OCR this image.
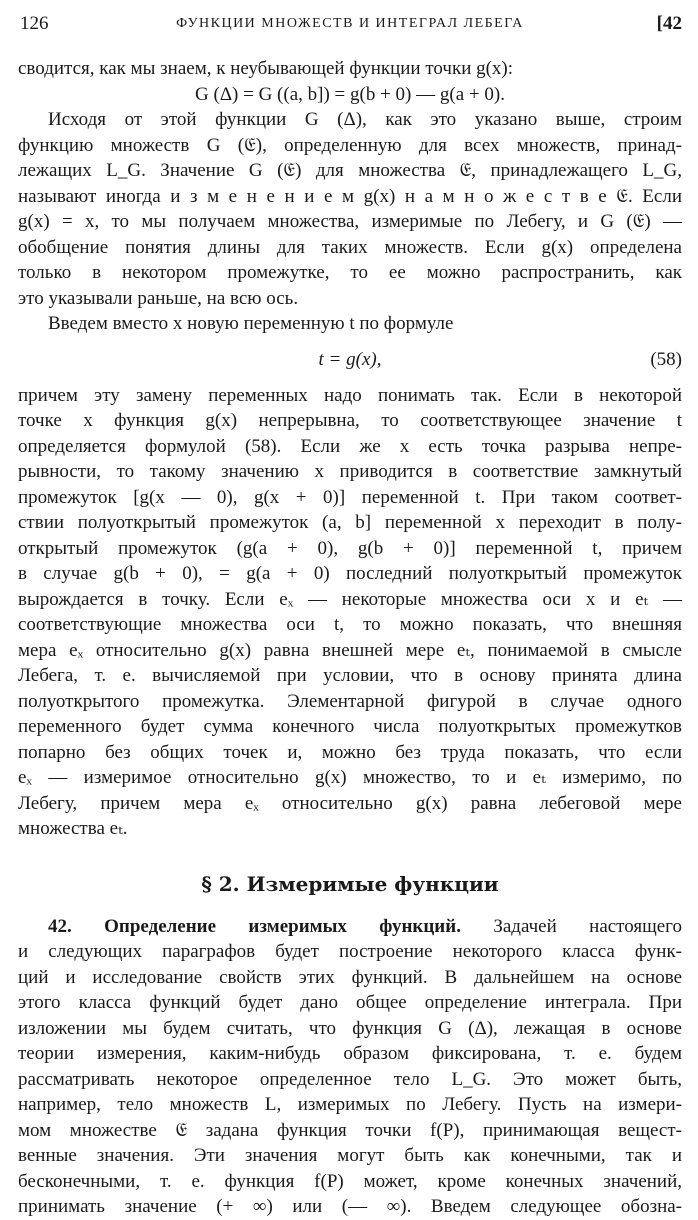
126	ФУНКЦИИ МНОЖЕСТВ И ИНТЕГРАЛ ЛЕБЕГА	[42

сводится, как мы знаем, к неубывающей функции точки g(x):

G (Δ) = G ((a, b]) = g(b + 0) — g(a + 0).

Исходя от этой функции G (Δ), как это указано выше, строим

функцию множеств G (𝔈), определенную для всех множеств, принад-

лежащих L_G. Значение G (𝔈) для множества 𝔈, принадлежащего L_G,

называют иногда и з м е н е н и е м g(x) н а м н о ж е с т в е 𝔈. Если

g(x) = x, то мы получаем множества, измеримые по Лебегу, и G (𝔈) —

обобщение понятия длины для таких множеств. Если g(x) определена

только в некотором промежутке, то ее можно распространить, как

это указывали раньше, на всю ось.

Введем вместо x новую переменную t по формуле

t = g(x),	(58)

причем эту замену переменных надо понимать так. Если в некоторой

точке x функция g(x) непрерывна, то соответствующее значение t

определяется формулой (58). Если же x есть точка разрыва непре-

рывности, то такому значению x приводится в соответствие замкнутый

промежуток [g(x — 0), g(x + 0)] переменной t. При таком соответ-

ствии полуоткрытый промежуток (a, b] переменной x переходит в полу-

открытый промежуток (g(a + 0), g(b + 0)] переменной t, причем

в случае g(b + 0), = g(a + 0) последний полуоткрытый промежуток

вырождается в точку. Если eₓ — некоторые множества оси x и eₜ —

соответствующие множества оси t, то можно показать, что внешняя

мера eₓ относительно g(x) равна внешней мере eₜ, понимаемой в смысле

Лебега, т. е. вычисляемой при условии, что в основу принята длина

полуоткрытого промежутка. Элементарной фигурой в случае одного

переменного будет сумма конечного числа полуоткрытых промежутков

попарно без общих точек и, можно без труда показать, что если

eₓ — измеримое относительно g(x) множество, то и eₜ измеримо, по

Лебегу, причем мера eₓ относительно g(x) равна лебеговой мере

множества eₜ.

§ 2. Измеримые функции

42. Определение измеримых функций. Задачей настоящего

и следующих параграфов будет построение некоторого класса функ-

ций и исследование свойств этих функций. В дальнейшем на основе

этого класса функций будет дано общее определение интеграла. При

изложении мы будем считать, что функция G (Δ), лежащая в основе

теории измерения, каким-нибудь образом фиксирована, т. е. будем

рассматривать некоторое определенное тело L_G. Это может быть,

например, тело множеств L, измеримых по Лебегу. Пусть на измери-

мом множестве 𝔈 задана функция точки f(P), принимающая вещест-

венные значения. Эти значения могут быть как конечными, так и

бесконечными, т. е. функция f(P) может, кроме конечных значений,

принимать значение (+ ∞) или (— ∞). Введем следующее обозна-
